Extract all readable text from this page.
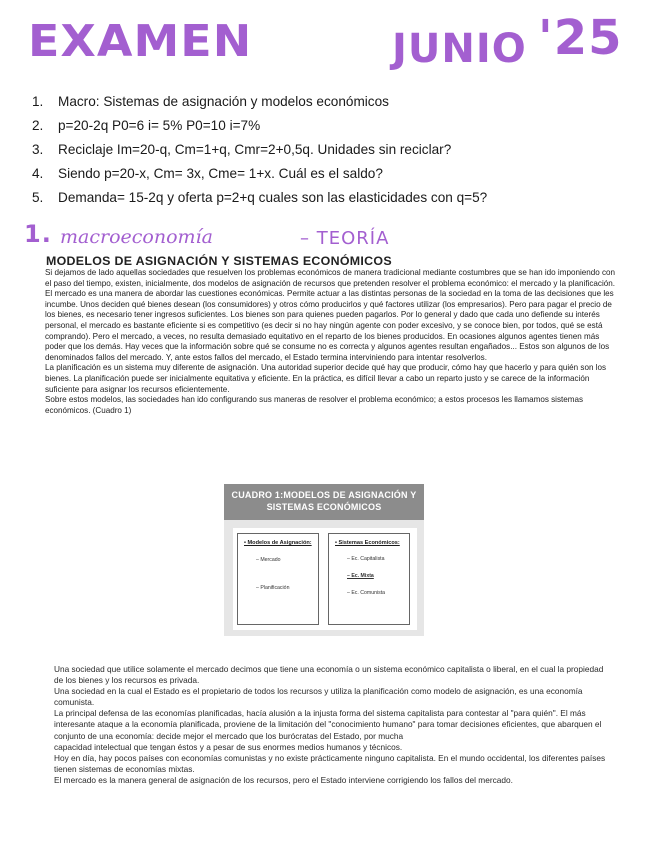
EXAMEN	JUNIO '25
1.	Macro: Sistemas de asignación y modelos económicos
2.	p=20-2q P0=6 i= 5% P0=10 i=7%
3.	Reciclaje Im=20-q, Cm=1+q, Cmr=2+0,5q. Unidades sin reciclar?
4.	Siendo p=20-x, Cm= 3x, Cme= 1+x. Cuál es el saldo?
5.	Demanda= 15-2q y oferta p=2+q cuales son las elasticidades con q=5?
1. macroeconomía	– TEORÍA
MODELOS DE ASIGNACIÓN Y SISTEMAS ECONÓMICOS

Si dejamos de lado aquellas sociedades que resuelven los problemas económicos de manera tradicional mediante costumbres que se han ido imponiendo con el paso del tiempo, existen, inicialmente, dos modelos de asignación de recursos que pretenden resolver el problema económico: el mercado y la planificación.

El mercado es una manera de abordar las cuestiones económicas. Permite actuar a las distintas personas de la sociedad en la toma de las decisiones que les incumbe. Unos deciden qué bienes desean (los consumidores) y otros cómo producirlos y qué factores utilizar (los empresarios). Pero para pagar el precio de los bienes, es necesario tener ingresos suficientes. Los bienes son para quienes pueden pagarlos. Por lo general y dado que cada uno defiende su interés personal, el mercado es bastante eficiente si es competitivo (es decir si no hay ningún agente con poder excesivo, y se conoce bien, por todos, qué se está comprando). Pero el mercado, a veces, no resulta demasiado equitativo en el reparto de los bienes producidos. En ocasiones algunos agentes tienen más poder que los demás. Hay veces que la información sobre qué se consume no es correcta y algunos agentes resultan engañados... Estos son algunos de los denominados fallos del mercado. Y, ante estos fallos del mercado, el Estado termina interviniendo para intentar resolverlos.

La planificación es un sistema muy diferente de asignación. Una autoridad superior decide qué hay que producir, cómo hay que hacerlo y para quién son los bienes. La planificación puede ser inicialmente equitativa y eficiente. En la práctica, es difícil llevar a cabo un reparto justo y se carece de la información suficiente para asignar los recursos eficientemente.

Sobre estos modelos, las sociedades han ido configurando sus maneras de resolver el problema económico; a estos procesos les llamamos sistemas económicos. (Cuadro 1)

CUADRO 1:MODELOS DE ASIGNACIÓN Y SISTEMAS ECONÓMICOS
• Modelos de Asignación:
– Mercado
– Planificación
• Sistemas Económicos:
– Ec. Capitalista
– Ec. Mixta
– Ec. Comunista

Una sociedad que utilice solamente el mercado decimos que tiene una economía o un sistema económico capitalista o liberal, en el cual la propiedad de los bienes y los recursos es privada.

Una sociedad en la cual el Estado es el propietario de todos los recursos y utiliza la planificación como modelo de asignación, es una economía comunista.

La principal defensa de las economías planificadas, hacía alusión a la injusta forma del sistema capitalista para contestar al "para quién". El más interesante ataque a la economía planificada, proviene de la limitación del "conocimiento humano" para tomar decisiones eficientes, que abarquen el conjunto de una economía: decide mejor el mercado que los burócratas del Estado, por mucha

capacidad intelectual que tengan éstos y a pesar de sus enormes medios humanos y técnicos.

Hoy en día, hay pocos países con economías comunistas y no existe prácticamente ninguno capitalista. En el mundo occidental, los diferentes países tienen sistemas de economías mixtas.

El mercado es la manera general de asignación de los recursos, pero el Estado interviene corrigiendo los fallos del mercado.
